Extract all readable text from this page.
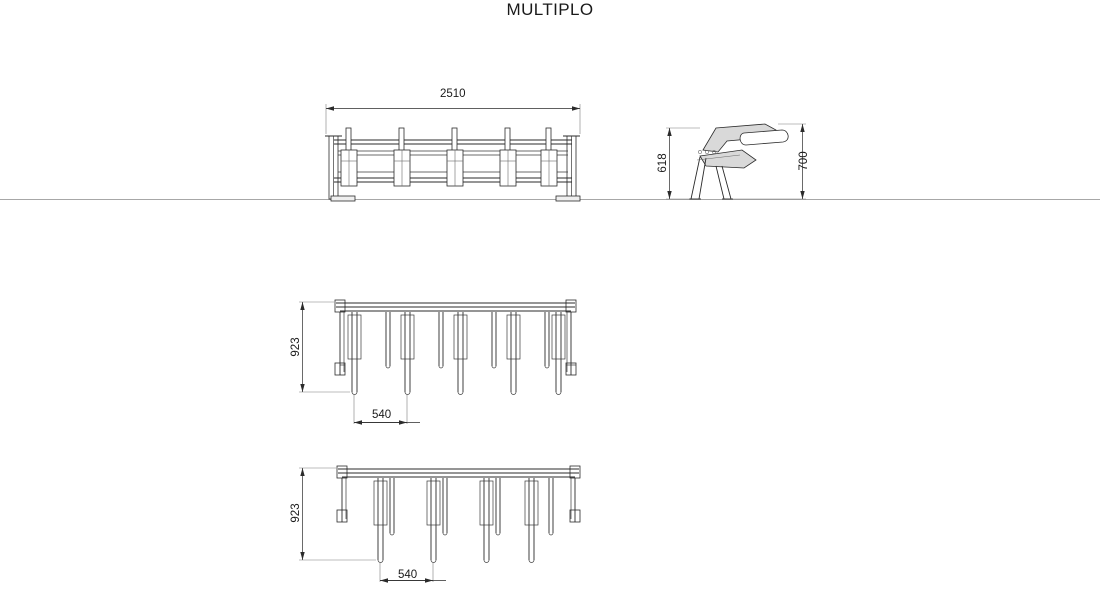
MULTIPLO
2510
618	700
923
540
923
540
